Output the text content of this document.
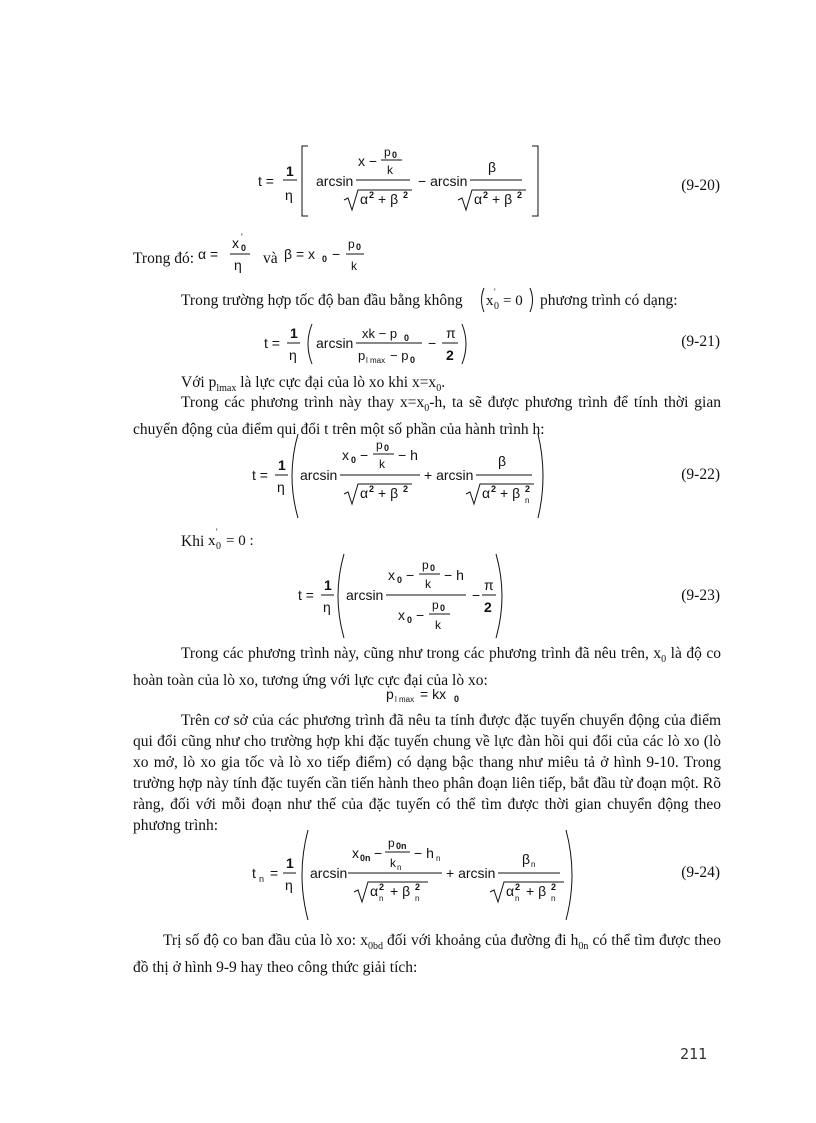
t =
1
η
arcsin
x −
p 0
k
α 2 + β 2
− arcsin
β
α 2 + β 2
(9-20)
Trong đó: α =
x 0
'
η
β = x 0 −
p 0
k
và
Trong trường hợp tốc độ ban đầu bằng không	x
'
0 = 0 phương trình có dạng:
t =
1
η
arcsin
xk − p 0
p l max − p 0
−
π
2
(9-21)
Với $p_{lmax}$ là lực cực đại của lò xo khi $x=x_0$.
Trong các phương trình này thay $x=x_0-h$, ta sẽ được phương trình để tính thời gian chuyển động của điểm qui đổi t trên một số phần của hành trình h:
t =
1
η
arcsin
x 0 −
p 0
k
− h
α 2 + β 2
+ arcsin
β
α 2 + β 2
n
(9-22)
Khi x
'
0 = 0 :
t =
1
η
arcsin
x 0 −
p 0
k
− h
x 0 −
p 0
k
−
π
2
(9-23)
Trong các phương trình này, cũng như trong các phương trình đã nêu trên, $x_0$ là độ co hoàn toàn của lò xo, tương ứng với lực cực đại của lò xo:
p l max = kx 0
Trên cơ sở của các phương trình đã nêu ta tính được đặc tuyến chuyển động của điểm qui đổi cũng như cho trường hợp khi đặc tuyến chung về lực đàn hồi qui đổi của các lò xo (lò xo mở, lò xo gia tốc và lò xo tiếp điểm) có dạng bậc thang như miêu tả ở hình 9-10. Trong trường hợp này tính đặc tuyến cần tiến hành theo phân đoạn liên tiếp, bắt đầu từ đoạn một. Rõ ràng, đối với mỗi đoạn như thế của đặc tuyến có thể tìm được thời gian chuyển động theo phương trình:
t n =
1
η
arcsin
x 0n −
p 0n
k n
− h n
α 2
n + β 2
n
+ arcsin
β n
α 2
n + β 2
n
(9-24)
Trị số độ co ban đầu của lò xo: $x_{0bd}$ đối với khoảng của đường đi $h_{0n}$ có thể tìm được theo đồ thị ở hình 9-9 hay theo công thức giải tích:
211
